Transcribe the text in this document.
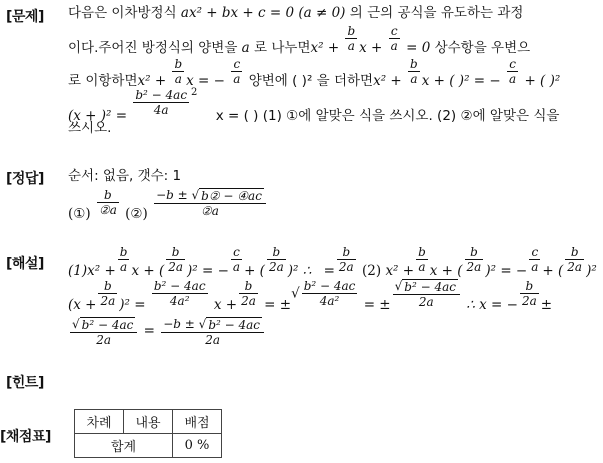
[문제] 다음은 이차방정식 ax² + bx + c = 0 (a ≠ 0) 의 근의 공식을 유도하는 과정
이다.주어진 방정식의 양변을 a 로 나누면$x^2 + \frac{b}{a}$ $x + \frac{c}{a} = 0$ 상수항을 우변으
로 이항하면$x^2 + \frac{b}{a}$ x = − $\frac{c}{a}$ 양변에 ( )² 을 더하면$x^2 + \frac{b}{a}$ x + ( )² = − $\frac{c}{a}$ + ( )²
$(x + )^2 = \frac{\text{b² − 4ac}}{4a} ^2$ x = ( ) (1) ①에 알맞은 식을 쓰시오. (2) ②에 알맞은 식을
쓰시오.
[정답] 순서: 없음, 갯수: 1
(①) $\frac{b}{\text{②a}}$ (②) $\frac{\text{−b ± √ b② − ④ac}}{\text{②a}}$
[해설] $(1)x^2 + \frac{b}{a}$ x + ( $\frac{b}{2a} )^2$ = − $\frac{c}{a}$ + ( $\frac{b}{2a} )^2$ ∴ = $\frac{b}{2a} (2) x^2 + \frac{b}{a}$ x + ( $\frac{b}{2a} )^2$ = − $\frac{c}{a}$ + ( $\frac{b}{2a} )^2$
$(x + \frac{b}{2a} )^2 = \frac{\text{b² − 4ac}}{\text{4a²}}$ $x + \frac{b}{2a}$ = ±√ $\frac{\text{b² − 4ac}}{\text{4a²}}$ = ± $\frac{\text{√ b² − 4ac}}{2a}$ ∴ x = − $\frac{b}{2a}$ ±
$\frac{\text{√ b² − 4ac}}{2a} = \frac{\text{−b ± √ b² − 4ac}}{2a}$
[힌트]
[채점표]
차례	내용	배점
합계		0 %
